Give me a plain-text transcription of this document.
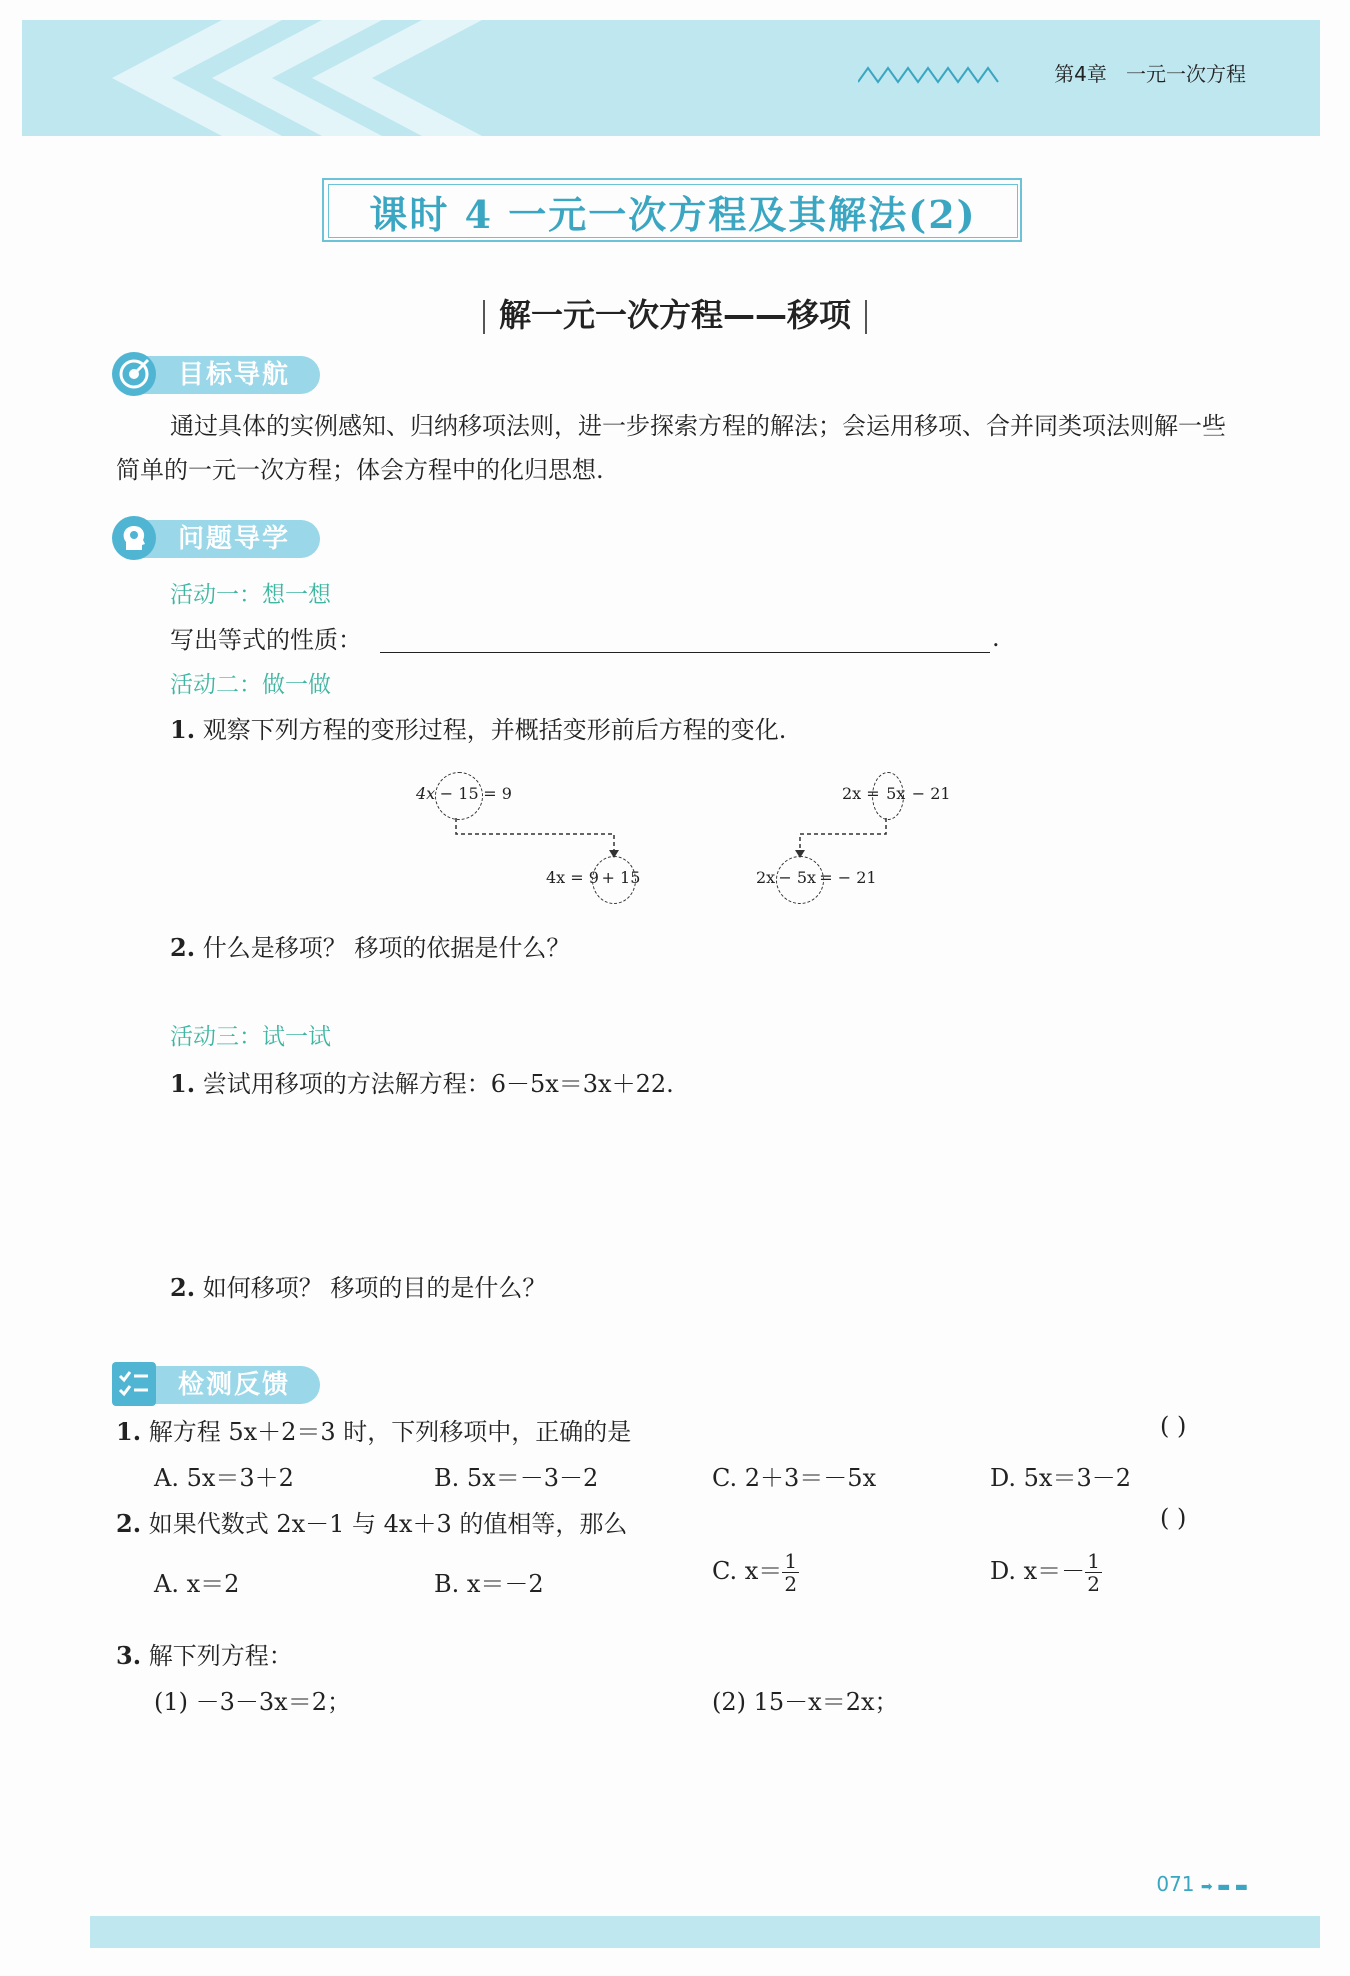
第4章 一元一次方程
课时 4 一元一次方程及其解法(2)
解一元一次方程——移项
目标导航
通过具体的实例感知、归纳移项法则，进一步探索方程的解法；会运用移项、合并同类项法则解一些简单的一元一次方程；体会方程中的化归思想.
问题导学
活动一：想一想
写出等式的性质：	.
活动二：做一做
1. 观察下列方程的变形过程，并概括变形前后方程的变化.
4x − 15 = 9
4x = 9 + 15
2x = 5x − 21
2x − 5x = − 21
2. 什么是移项？ 移项的依据是什么？
活动三：试一试
1. 尝试用移项的方法解方程：6－5x＝3x＋22.
2. 如何移项？ 移项的目的是什么？
检测反馈
1. 解方程 5x＋2＝3 时，下列移项中，正确的是	( )
A. 5x＝3＋2	B. 5x＝－3－2	C. 2＋3＝－5x	D. 5x＝3－2
2. 如果代数式 2x－1 与 4x＋3 的值相等，那么	( )
A. x＝2	B. x＝－2	C. $x= \frac{1}{2}$	D. $x=- \frac{1}{2}$
3. 解下列方程：
(1) －3－3x＝2；	(2) 15－x＝2x；
071 ➡ ▬ ▬
